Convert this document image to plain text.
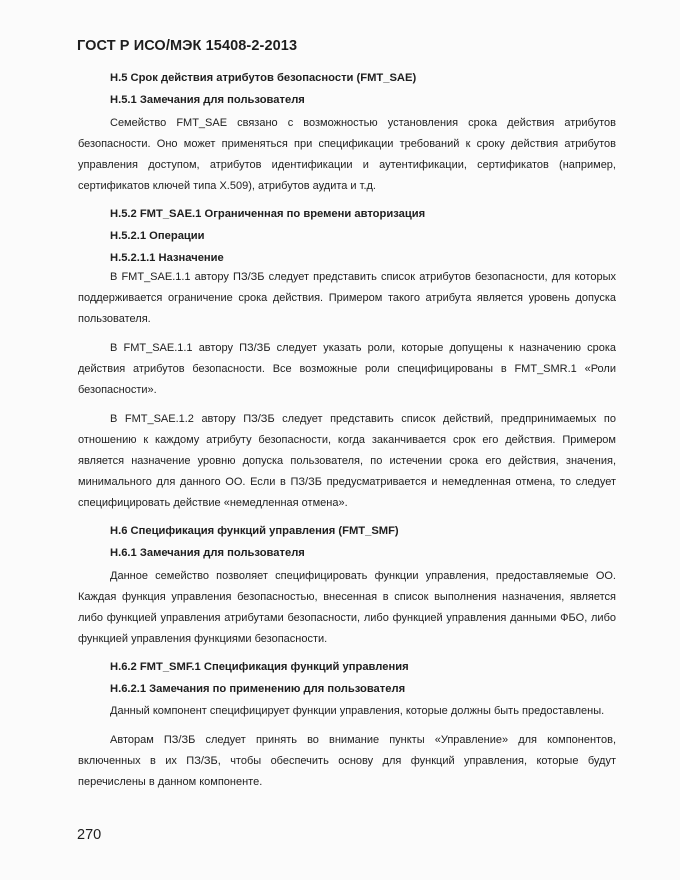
ГОСТ Р ИСО/МЭК 15408-2-2013

H.5 Срок действия атрибутов безопасности (FMT_SAE)

H.5.1 Замечания для пользователя

Семейство FMT_SAE связано с возможностью установления срока действия атрибутов безопасности. Оно может применяться при спецификации требований к сроку действия атрибутов управления доступом, атрибутов идентификации и аутентификации, сертификатов (например, сертификатов ключей типа X.509), атрибутов аудита и т.д.

H.5.2 FMT_SAE.1 Ограниченная по времени авторизация

H.5.2.1 Операции

H.5.2.1.1 Назначение

В FMT_SAE.1.1 автору ПЗ/ЗБ следует представить список атрибутов безопасности, для которых поддерживается ограничение срока действия. Примером такого атрибута является уровень допуска пользователя.

В FMT_SAE.1.1 автору ПЗ/ЗБ следует указать роли, которые допущены к назначению срока действия атрибутов безопасности. Все возможные роли специфицированы в FMT_SMR.1 «Роли безопасности».

В FMT_SAE.1.2 автору ПЗ/ЗБ следует представить список действий, предпринимаемых по отношению к каждому атрибуту безопасности, когда заканчивается срок его действия. Примером является назначение уровню допуска пользователя, по истечении срока его действия, значения, минимального для данного ОО. Если в ПЗ/ЗБ предусматривается и немедленная отмена, то следует специфицировать действие «немедленная отмена».

H.6 Спецификация функций управления (FMT_SMF)

H.6.1 Замечания для пользователя

Данное семейство позволяет специфицировать функции управления, предоставляемые ОО. Каждая функция управления безопасностью, внесенная в список выполнения назначения, является либо функцией управления атрибутами безопасности, либо функцией управления данными ФБО, либо функцией управления функциями безопасности.

H.6.2 FMT_SMF.1 Спецификация функций управления

H.6.2.1 Замечания по применению для пользователя

Данный компонент специфицирует функции управления, которые должны быть предоставлены.

Авторам ПЗ/ЗБ следует принять во внимание пункты «Управление» для компонентов, включенных в их ПЗ/ЗБ, чтобы обеспечить основу для функций управления, которые будут перечислены в данном компоненте.

270
